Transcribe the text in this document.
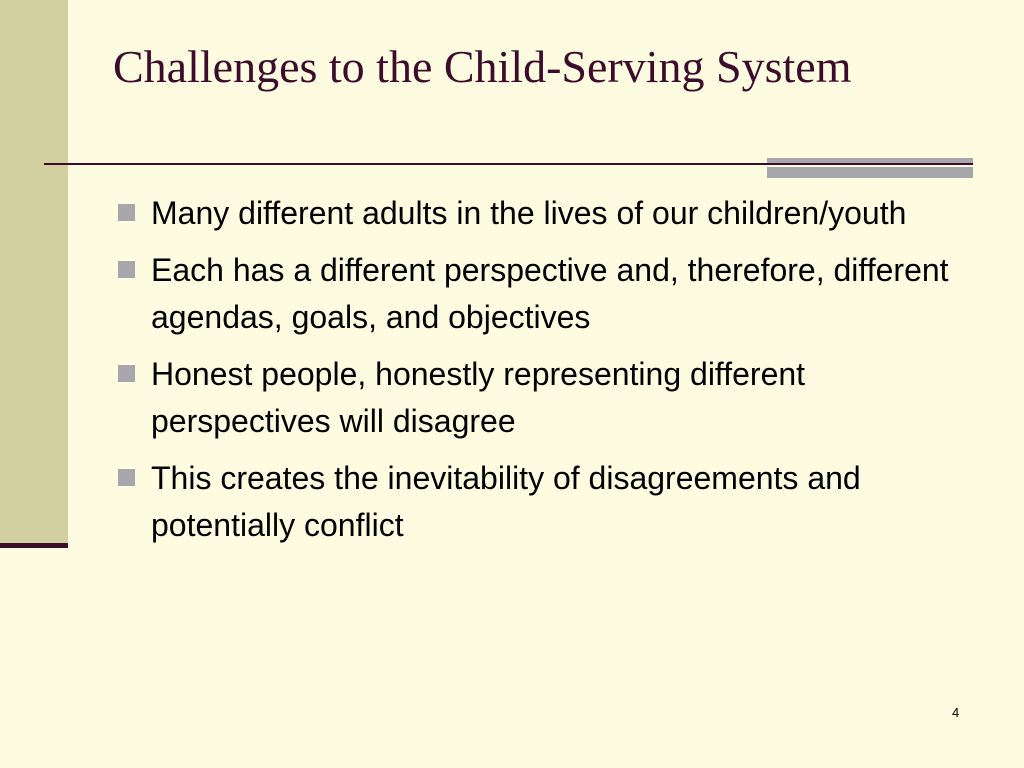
Challenges to the Child-Serving System
Many different adults in the lives of our children/youth
Each has a different perspective and, therefore, different agendas, goals, and objectives
Honest people, honestly representing different perspectives will disagree
This creates the inevitability of disagreements and potentially conflict
4
